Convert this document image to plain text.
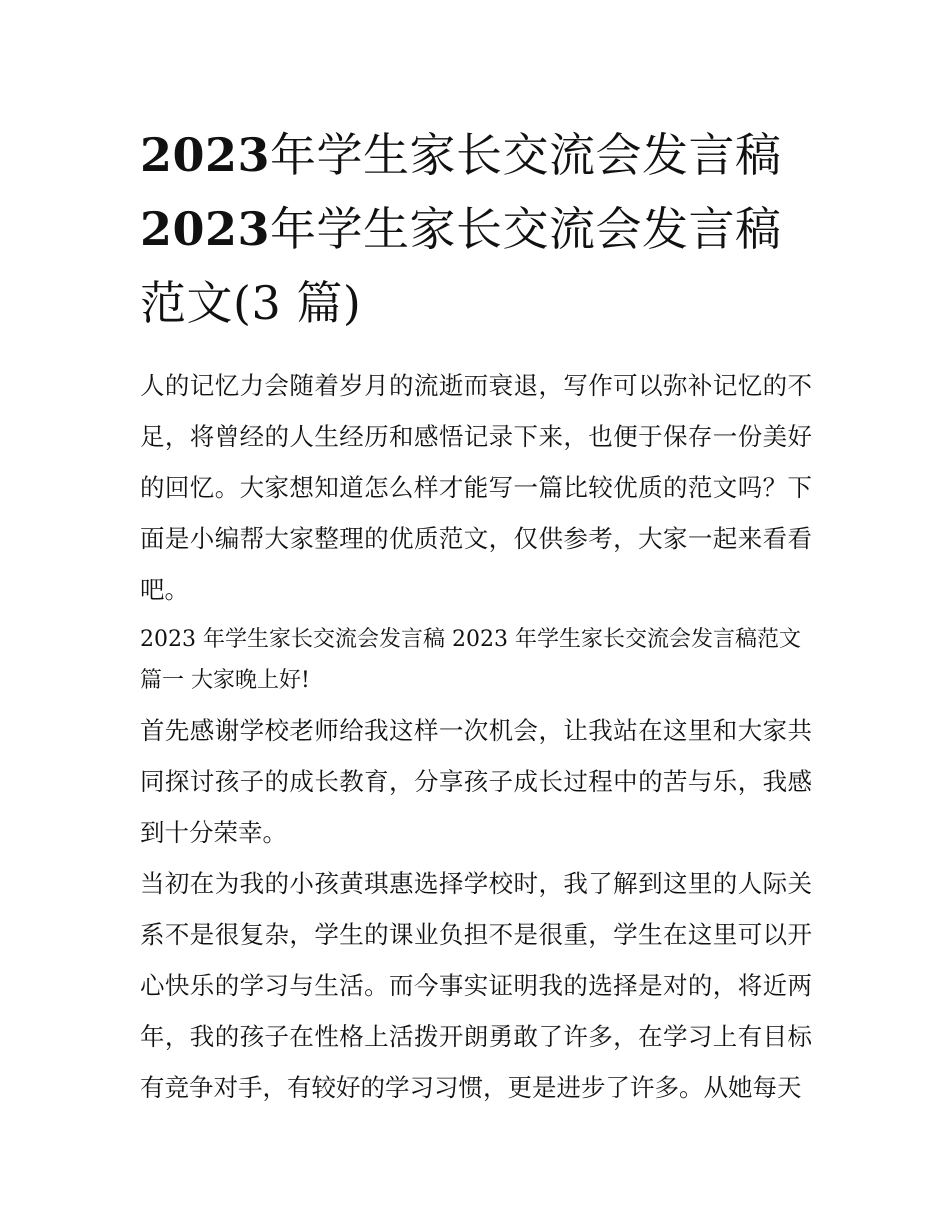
2023年学生家长交流会发言稿
2023年学生家长交流会发言稿
范文(3 篇)

人的记忆力会随着岁月的流逝而衰退，写作可以弥补记忆的不足，将曾经的人生经历和感悟记录下来，也便于保存一份美好的回忆。大家想知道怎么样才能写一篇比较优质的范文吗？下面是小编帮大家整理的优质范文，仅供参考，大家一起来看看吧。

2023 年学生家长交流会发言稿 2023 年学生家长交流会发言稿范文篇一 大家晚上好!

首先感谢学校老师给我这样一次机会，让我站在这里和大家共同探讨孩子的成长教育，分享孩子成长过程中的苦与乐，我感到十分荣幸。

当初在为我的小孩黄琪惠选择学校时，我了解到这里的人际关系不是很复杂，学生的课业负担不是很重，学生在这里可以开心快乐的学习与生活。而今事实证明我的选择是对的，将近两年，我的孩子在性格上活拨开朗勇敢了许多，在学习上有目标有竞争对手，有较好的学习习惯，更是进步了许多。从她每天
